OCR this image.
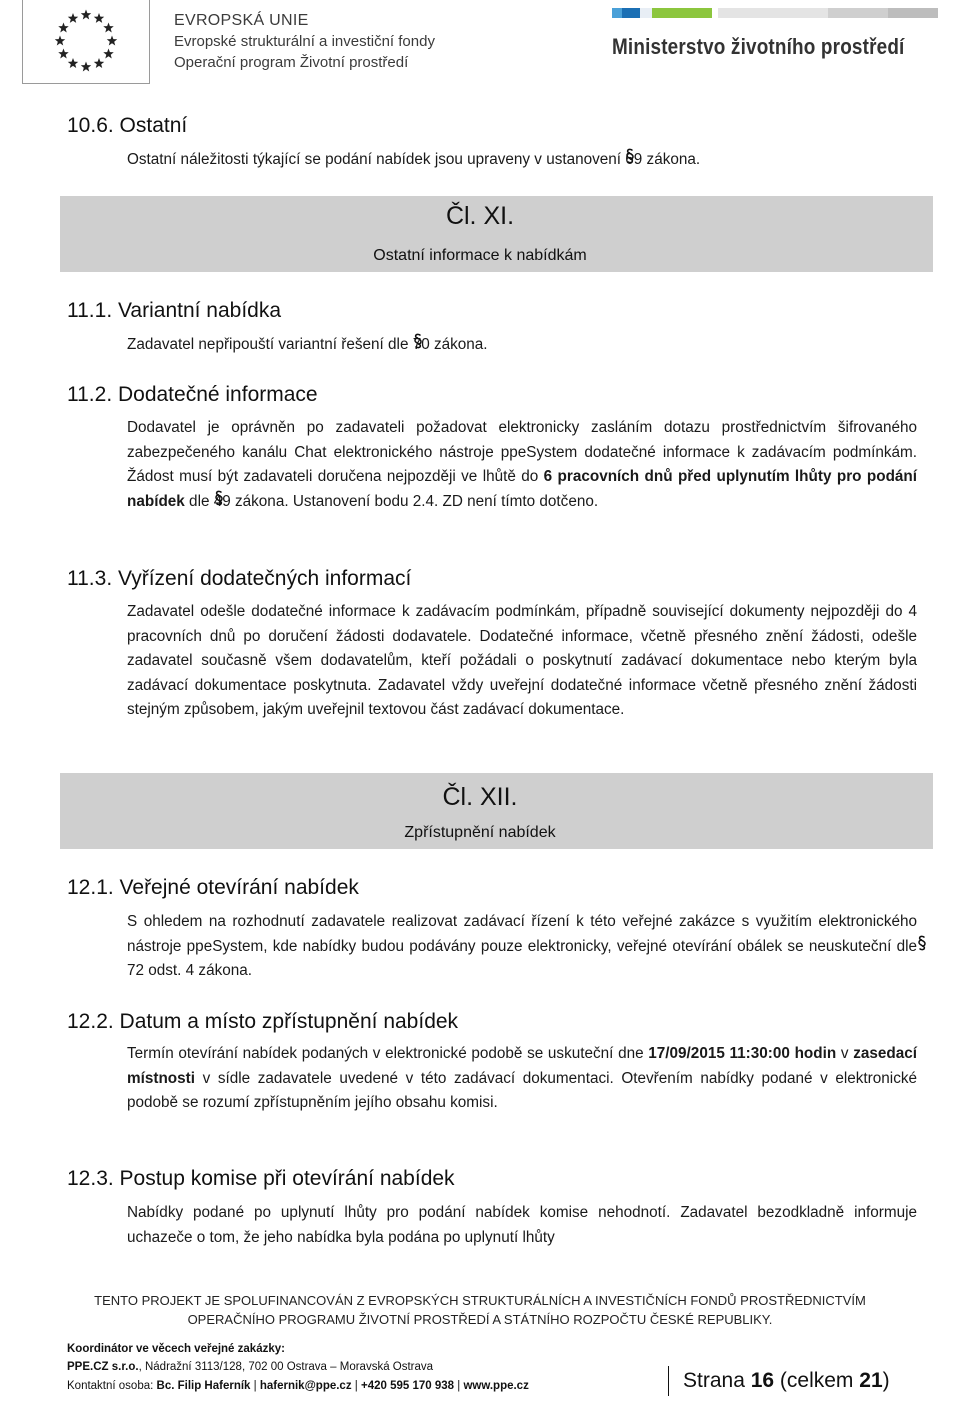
EVROPSKÁ UNIE
Evropské strukturální a investiční fondy
Operační program Životní prostředí
Ministerstvo životního prostředí
10.6. Ostatní
Ostatní náležitosti týkající se podání nabídek jsou upraveny v ustanovení 69 zákona.
Čl. XI.
Ostatní informace k nabídkám
11.1. Variantní nabídka
Zadavatel nepřipouští variantní řešení dle 70 zákona.
11.2. Dodatečné informace
Dodavatel je oprávněn po zadavateli požadovat elektronicky zasláním dotazu prostřednictvím šifrovaného zabezpečeného kanálu Chat elektronického nástroje ppeSystem dodatečné informace k zadávacím podmínkám. Žádost musí být zadavateli doručena nejpozději ve lhůtě do 6 pracovních dnů před uplynutím lhůty pro podání nabídek dle 49 zákona. Ustanovení bodu 2.4. ZD není tímto dotčeno.
11.3. Vyřízení dodatečných informací
Zadavatel odešle dodatečné informace k zadávacím podmínkám, případně související dokumenty nejpozději do 4 pracovních dnů po doručení žádosti dodavatele. Dodatečné informace, včetně přesného znění žádosti, odešle zadavatel současně všem dodavatelům, kteří požádali o poskytnutí zadávací dokumentace nebo kterým byla zadávací dokumentace poskytnuta. Zadavatel vždy uveřejní dodatečné informace včetně přesného znění žádosti stejným způsobem, jakým uveřejnil textovou část zadávací dokumentace.
Čl. XII.
Zpřístupnění nabídek
12.1. Veřejné otevírání nabídek
S ohledem na rozhodnutí zadavatele realizovat zadávací řízení k této veřejné zakázce s využitím elektronického nástroje ppeSystem, kde nabídky budou podávány pouze elektronicky, veřejné otevírání obálek se neuskuteční dle
72 odst. 4 zákona.
12.2. Datum a místo zpřístupnění nabídek
Termín otevírání nabídek podaných v elektronické podobě se uskuteční dne 17/09/2015 11:30:00 hodin v zasedací místnosti v sídle zadavatele uvedené v této zadávací dokumentaci. Otevřením nabídky podané v elektronické podobě se rozumí zpřístupněním jejího obsahu komisi.
12.3. Postup komise při otevírání nabídek
Nabídky podané po uplynutí lhůty pro podání nabídek komise nehodnotí. Zadavatel bezodkladně informuje uchazeče o tom, že jeho nabídka byla podána po uplynutí lhůty
TENTO PROJEKT JE SPOLUFINANCOVÁN Z EVROPSKÝCH STRUKTURÁLNÍCH A INVESTIČNÍCH FONDŮ PROSTŘEDNICTVÍM
OPERAČNÍHO PROGRAMU ŽIVOTNÍ PROSTŘEDÍ A STÁTNÍHO ROZPOČTU ČESKÉ REPUBLIKY.
Koordinátor ve věcech veřejné zakázky:
PPE.CZ s.r.o., Nádražní 3113/128, 702 00 Ostrava – Moravská Ostrava
Kontaktní osoba: Bc. Filip Haferník | hafernik@ppe.cz | +420 595 170 938 | www.ppe.cz	Strana 16 (celkem 21)
